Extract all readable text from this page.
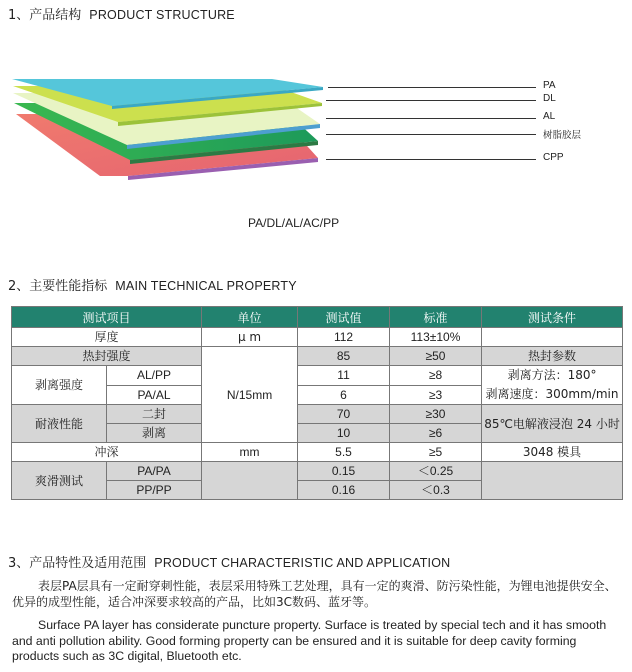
1、产品结构 PRODUCT STRUCTURE
PA
DL
AL
树脂胶层
CPP
PA/DL/AL/AC/PP
2、主要性能指标 MAIN TECHNICAL PROPERTY
测试项目		单位	测试值	标准	测试条件
厚度		μ m	112	113±10%	
热封强度		N/15mm	85	≥50	热封参数
剥离强度	AL/PP		11	≥8	剥离方法：180°
剥离速度：300mm/min

	PA/AL		6	≥3	
耐液性能	二封		70	≥30	85℃电解液浸泡 24 小时
	剥离		10	≥6	
冲深		mm	5.5	≥5	3048 模具
爽滑测试	PA/PA		0.15	＜0.25	
	PP/PP		0.16	＜0.3	
3、产品特性及适用范围 PRODUCT CHARACTERISTIC AND APPLICATION
表层PA层具有一定耐穿刺性能，表层采用特殊工艺处理，具有一定的爽滑、防污染性能，为锂电池提供安全、优异的成型性能，适合冲深要求较高的产品，比如3C数码、蓝牙等。
Surface PA layer has considerate puncture property. Surface is treated by special tech and it has smooth and anti pollution ability. Good forming property can be ensured and it is suitable for deep cavity forming products such as 3C digital, Bluetooth etc.
